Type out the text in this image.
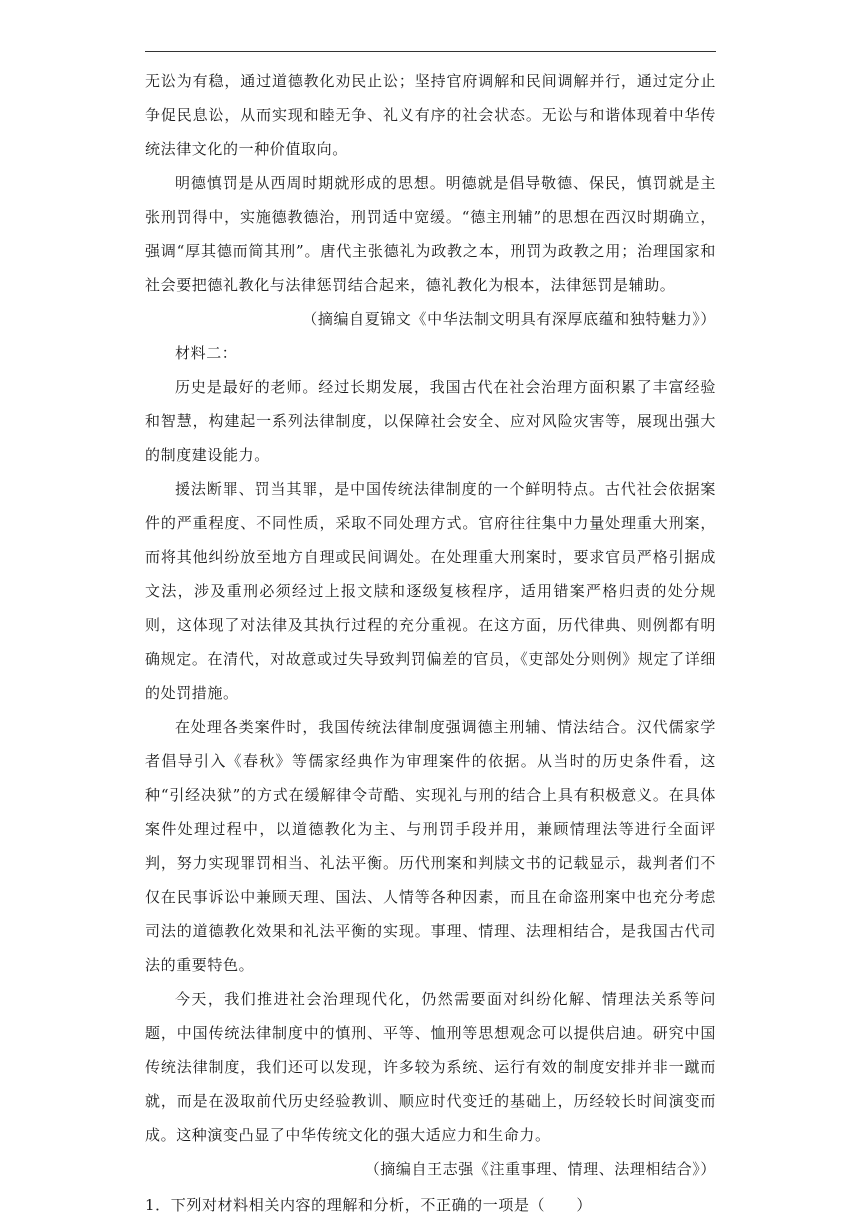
无讼为有稳，通过道德教化劝民止讼；坚持官府调解和民间调解并行，通过定分止争促民息讼，从而实现和睦无争、礼义有序的社会状态。无讼与和谐体现着中华传统法律文化的一种价值取向。

明德慎罚是从西周时期就形成的思想。明德就是倡导敬德、保民，慎罚就是主张刑罚得中，实施德教德治，刑罚适中宽缓。“德主刑辅”的思想在西汉时期确立，强调“厚其德而简其刑”。唐代主张德礼为政教之本，刑罚为政教之用；治理国家和社会要把德礼教化与法律惩罚结合起来，德礼教化为根本，法律惩罚是辅助。

（摘编自夏锦文《中华法制文明具有深厚底蕴和独特魅力》）

材料二：

历史是最好的老师。经过长期发展，我国古代在社会治理方面积累了丰富经验和智慧，构建起一系列法律制度，以保障社会安全、应对风险灾害等，展现出强大的制度建设能力。

援法断罪、罚当其罪，是中国传统法律制度的一个鲜明特点。古代社会依据案件的严重程度、不同性质，采取不同处理方式。官府往往集中力量处理重大刑案，而将其他纠纷放至地方自理或民间调处。在处理重大刑案时，要求官员严格引据成文法，涉及重刑必须经过上报文牍和逐级复核程序，适用错案严格归责的处分规则，这体现了对法律及其执行过程的充分重视。在这方面，历代律典、则例都有明确规定。在清代，对故意或过失导致判罚偏差的官员，《吏部处分则例》规定了详细的处罚措施。

在处理各类案件时，我国传统法律制度强调德主刑辅、情法结合。汉代儒家学者倡导引入《春秋》等儒家经典作为审理案件的依据。从当时的历史条件看，这种“引经决狱”的方式在缓解律令苛酷、实现礼与刑的结合上具有积极意义。在具体案件处理过程中，以道德教化为主、与刑罚手段并用，兼顾情理法等进行全面评判，努力实现罪罚相当、礼法平衡。历代刑案和判牍文书的记载显示，裁判者们不仅在民事诉讼中兼顾天理、国法、人情等各种因素，而且在命盗刑案中也充分考虑司法的道德教化效果和礼法平衡的实现。事理、情理、法理相结合，是我国古代司法的重要特色。

今天，我们推进社会治理现代化，仍然需要面对纠纷化解、情理法关系等问题，中国传统法律制度中的慎刑、平等、恤刑等思想观念可以提供启迪。研究中国传统法律制度，我们还可以发现，许多较为系统、运行有效的制度安排并非一蹴而就，而是在汲取前代历史经验教训、顺应时代变迁的基础上，历经较长时间演变而成。这种演变凸显了中华传统文化的强大适应力和生命力。

（摘编自王志强《注重事理、情理、法理相结合》）

1．下列对材料相关内容的理解和分析，不正确的一项是（　　）
